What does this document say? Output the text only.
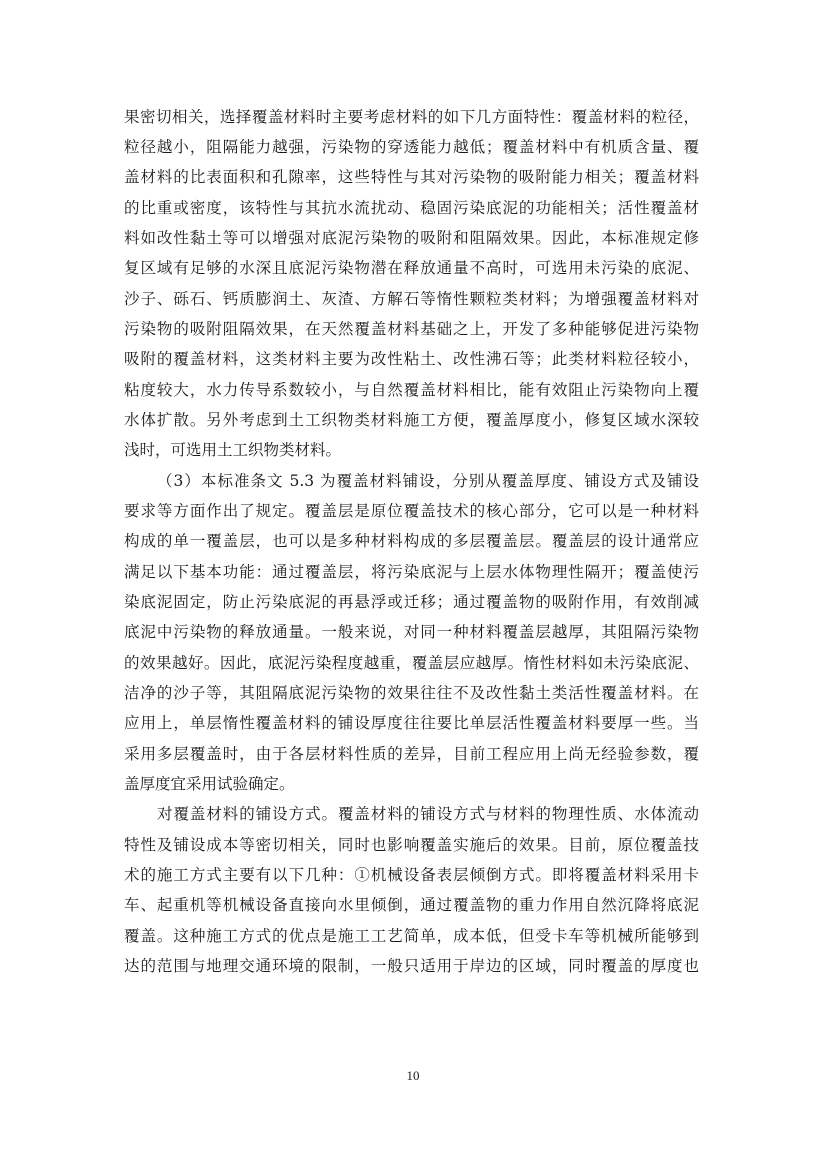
果密切相关，选择覆盖材料时主要考虑材料的如下几方面特性：覆盖材料的粒径，
粒径越小，阻隔能力越强，污染物的穿透能力越低；覆盖材料中有机质含量、覆
盖材料的比表面积和孔隙率，这些特性与其对污染物的吸附能力相关；覆盖材料
的比重或密度，该特性与其抗水流扰动、稳固污染底泥的功能相关；活性覆盖材
料如改性黏土等可以增强对底泥污染物的吸附和阻隔效果。因此，本标准规定修
复区域有足够的水深且底泥污染物潜在释放通量不高时，可选用未污染的底泥、
沙子、砾石、钙质膨润土、灰渣、方解石等惰性颗粒类材料；为增强覆盖材料对
污染物的吸附阻隔效果，在天然覆盖材料基础之上，开发了多种能够促进污染物
吸附的覆盖材料，这类材料主要为改性粘土、改性沸石等；此类材料粒径较小，
粘度较大，水力传导系数较小，与自然覆盖材料相比，能有效阻止污染物向上覆
水体扩散。另外考虑到土工织物类材料施工方便，覆盖厚度小，修复区域水深较
浅时，可选用土工织物类材料。
（3）本标准条文 5.3 为覆盖材料铺设，分别从覆盖厚度、铺设方式及铺设
要求等方面作出了规定。覆盖层是原位覆盖技术的核心部分，它可以是一种材料
构成的单一覆盖层，也可以是多种材料构成的多层覆盖层。覆盖层的设计通常应
满足以下基本功能：通过覆盖层，将污染底泥与上层水体物理性隔开；覆盖使污
染底泥固定，防止污染底泥的再悬浮或迁移；通过覆盖物的吸附作用，有效削减
底泥中污染物的释放通量。一般来说，对同一种材料覆盖层越厚，其阻隔污染物
的效果越好。因此，底泥污染程度越重，覆盖层应越厚。惰性材料如未污染底泥、
洁净的沙子等，其阻隔底泥污染物的效果往往不及改性黏土类活性覆盖材料。在
应用上，单层惰性覆盖材料的铺设厚度往往要比单层活性覆盖材料要厚一些。当
采用多层覆盖时，由于各层材料性质的差异，目前工程应用上尚无经验参数，覆
盖厚度宜采用试验确定。
对覆盖材料的铺设方式。覆盖材料的铺设方式与材料的物理性质、水体流动
特性及铺设成本等密切相关，同时也影响覆盖实施后的效果。目前，原位覆盖技
术的施工方式主要有以下几种：①机械设备表层倾倒方式。即将覆盖材料采用卡
车、起重机等机械设备直接向水里倾倒，通过覆盖物的重力作用自然沉降将底泥
覆盖。这种施工方式的优点是施工工艺简单，成本低，但受卡车等机械所能够到
达的范围与地理交通环境的限制，一般只适用于岸边的区域，同时覆盖的厚度也
10
